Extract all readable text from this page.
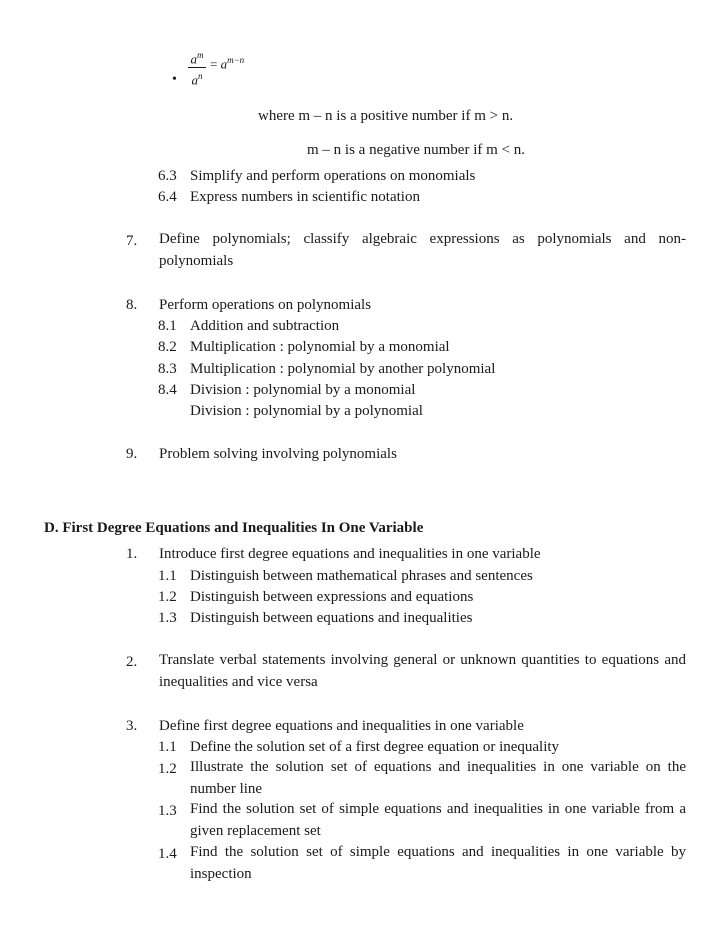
•
$a^m$
$a^n$
= $a^{m-n}$
where m – n is a positive number if m > n.
m – n is a negative number if m < n.
6.3 Simplify and perform operations on monomials
6.4 Express numbers in scientific notation
7. Define polynomials; classify algebraic expressions as polynomials and non-polynomials
8. Perform operations on polynomials
8.1 Addition and subtraction
8.2 Multiplication : polynomial by a monomial
8.3 Multiplication : polynomial by another polynomial
8.4 Division : polynomial by a monomial
Division : polynomial by a polynomial
9. Problem solving involving polynomials
D. First Degree Equations and Inequalities In One Variable
1. Introduce first degree equations and inequalities in one variable
1.1 Distinguish between mathematical phrases and sentences
1.2 Distinguish between expressions and equations
1.3 Distinguish between equations and inequalities
2. Translate verbal statements involving general or unknown quantities to equations and inequalities and vice versa
3. Define first degree equations and inequalities in one variable
1.1 Define the solution set of a first degree equation or inequality
1.2 Illustrate the solution set of equations and inequalities in one variable on the number line
1.3 Find the solution set of simple equations and inequalities in one variable from a given replacement set
1.4 Find the solution set of simple equations and inequalities in one variable by inspection
